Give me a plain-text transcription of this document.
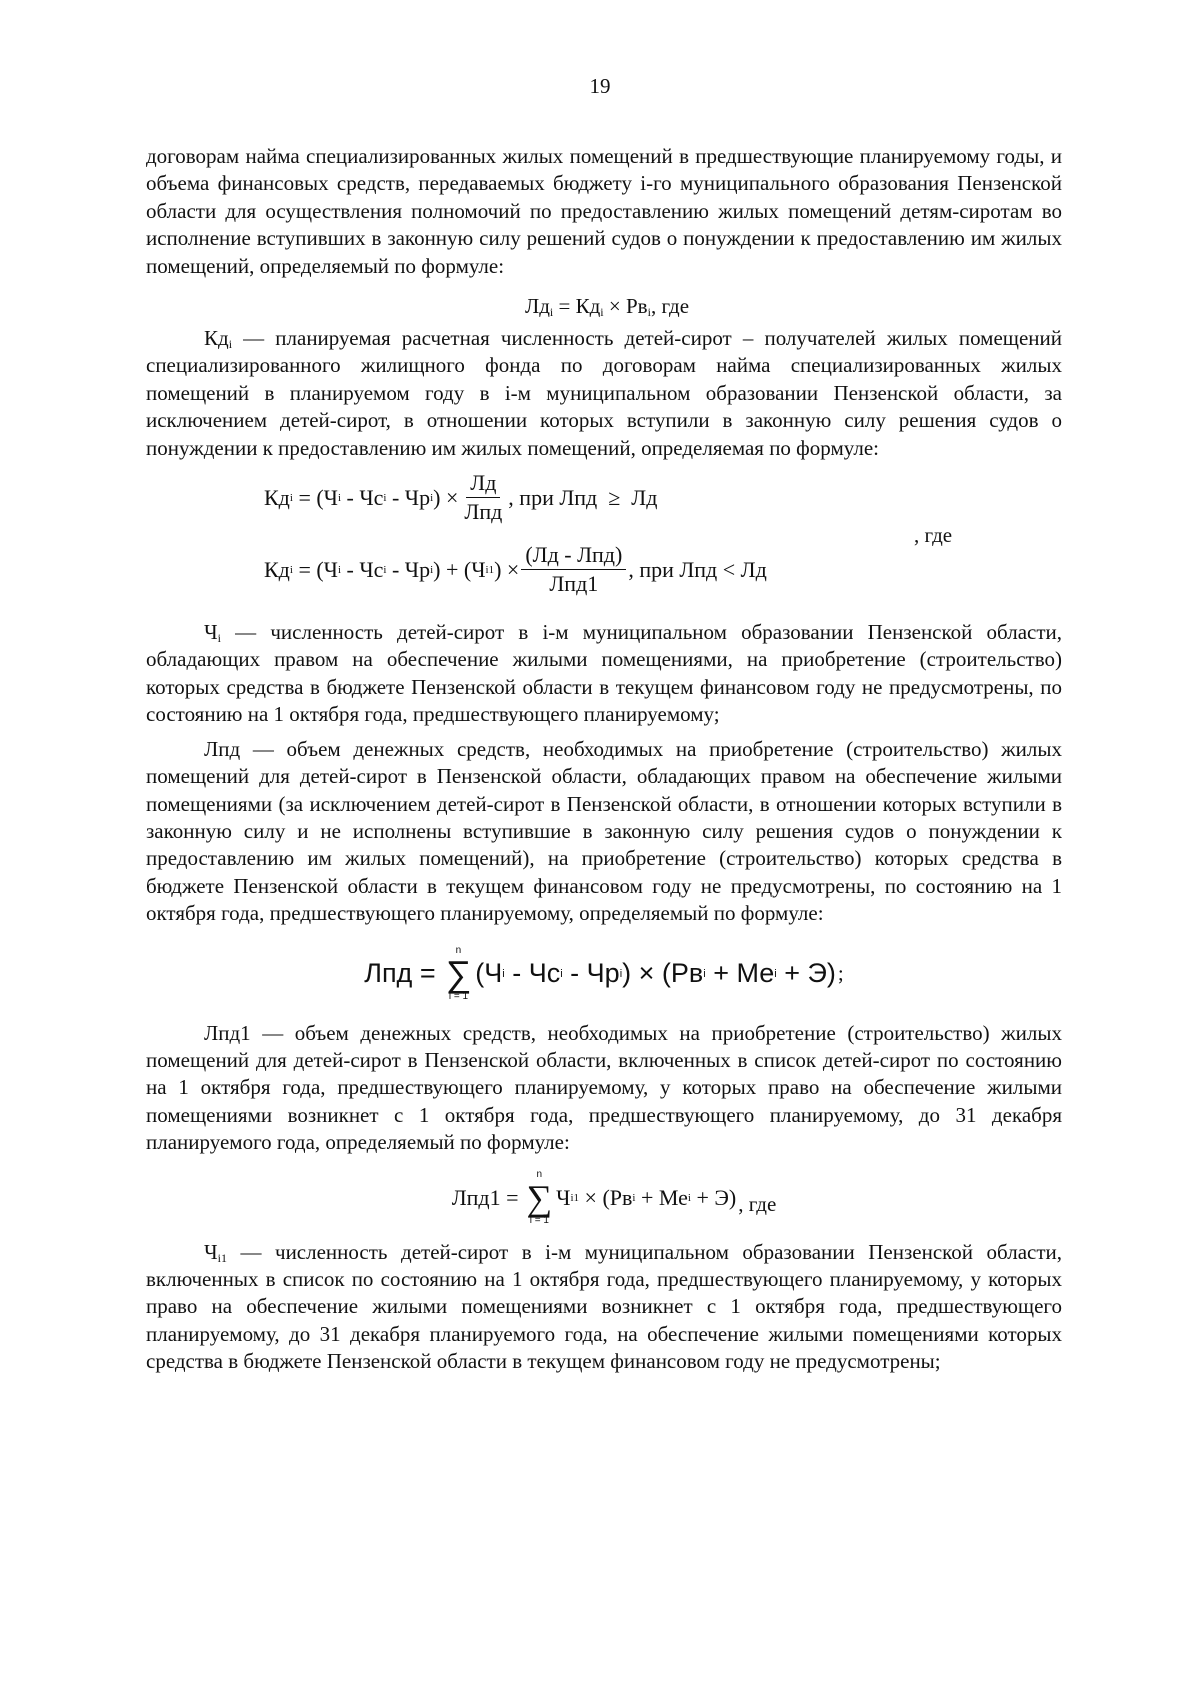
19

договорам найма специализированных жилых помещений в предшествующие планируемому годы, и объема финансовых средств, передаваемых бюджету i-го муниципального образования Пензенской области для осуществления полномочий по предоставлению жилых помещений детям-сиротам во исполнение вступивших в законную силу решений судов о понуждении к предоставлению им жилых помещений, определяемый по формуле:

$Лд_i = Кд_i \times Рв_i$, где

$Кд_i$ — планируемая расчетная численность детей-сирот – получателей жилых помещений специализированного жилищного фонда по договорам найма специализированных жилых помещений в планируемом году в i-м муниципальном образовании Пензенской области, за исключением детей-сирот, в отношении которых вступили в законную силу решения судов о понуждении к предоставлению им жилых помещений, определяемая по формуле:

Кд i = (Ч i - Чс i - Чр i ) × $\frac{Лд}{\text{Лпд}}$ , при Лпд  ≥  Лд
, где
Кд i = (Ч i - Чс i - Чр i ) + (Ч i1 ) × $\frac{\text{(Лд - Лпд)}}{\text{Лпд1}}$ , при Лпд < Лд

$Ч_i$ — численность детей-сирот в i-м муниципальном образовании Пензенской области, обладающих правом на обеспечение жилыми помещениями, на приобретение (строительство) которых средства в бюджете Пензенской области в текущем финансовом году не предусмотрены, по состоянию на 1 октября года, предшествующего планируемому;

Лпд — объем денежных средств, необходимых на приобретение (строительство) жилых помещений для детей-сирот в Пензенской области, обладающих правом на обеспечение жилыми помещениями (за исключением детей-сирот в Пензенской области, в отношении которых вступили в законную силу и не исполнены вступившие в законную силу решения судов о понуждении к предоставлению им жилых помещений), на приобретение (строительство) которых средства в бюджете Пензенской области в текущем финансовом году не предусмотрены, по состоянию на 1 октября года, предшествующего планируемому, определяемый по формуле:

Лпд =
n
∑
i = 1
(Ч i - Чс i - Чр i ) × (Рв i + Ме i + Э) ;

Лпд1 — объем денежных средств, необходимых на приобретение (строительство) жилых помещений для детей-сирот в Пензенской области, включенных в список детей-сирот по состоянию на 1 октября года, предшествующего планируемому, у которых право на обеспечение жилыми помещениями возникнет с 1 октября года, предшествующего планируемому, до 31 декабря планируемого года, определяемый по формуле:

Лпд1 =
n
∑
i = 1
Ч i1 × (Рв i + Ме i + Э) , где

$Ч_{i1}$ — численность детей-сирот в i-м муниципальном образовании Пензенской области, включенных в список по состоянию на 1 октября года, предшествующего планируемому, у которых право на обеспечение жилыми помещениями возникнет с 1 октября года, предшествующего планируемому, до 31 декабря планируемого года, на обеспечение жилыми помещениями которых средства в бюджете Пензенской области в текущем финансовом году не предусмотрены;
